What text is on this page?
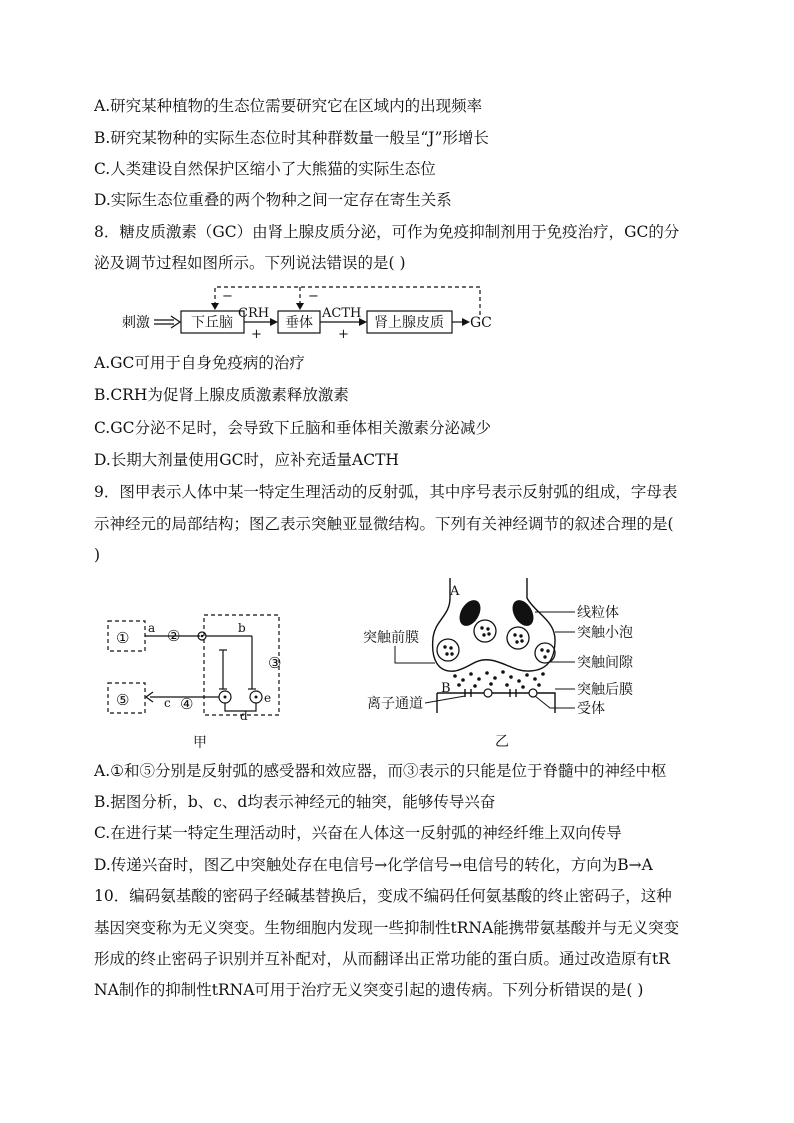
A.研究某种植物的生态位需要研究它在区域内的出现频率
B.研究某物种的实际生态位时其种群数量一般呈“J”形增长
C.人类建设自然保护区缩小了大熊猫的实际生态位
D.实际生态位重叠的两个物种之间一定存在寄生关系
8．糖皮质激素（GC）由肾上腺皮质分泌，可作为免疫抑制剂用于免疫治疗，GC的分
泌及调节过程如图所示。下列说法错误的是( )
−	−
刺激	下丘脑
CRH
+
垂体
ACTH
+
肾上腺皮质 GC
A.GC可用于自身免疫病的治疗
B.CRH为促肾上腺皮质激素释放激素
C.GC分泌不足时，会导致下丘脑和垂体相关激素分泌减少
D.长期大剂量使用GC时，应补充适量ACTH
9．图甲表示人体中某一特定生理活动的反射弧，其中序号表示反射弧的组成，字母表
示神经元的局部结构；图乙表示突触亚显微结构。下列有关神经调节的叙述合理的是(
)
①
⑤
③
a ②	b
d
e
c ④
甲
A
B
突触前膜
线粒体
突触小泡
突触间隙
突触后膜
受体
离子通道
乙
A.①和⑤分别是反射弧的感受器和效应器，而③表示的只能是位于脊髓中的神经中枢
B.据图分析，b、c、d均表示神经元的轴突，能够传导兴奋
C.在进行某一特定生理活动时，兴奋在人体这一反射弧的神经纤维上双向传导
D.传递兴奋时，图乙中突触处存在电信号→化学信号→电信号的转化，方向为B→A
10．编码氨基酸的密码子经碱基替换后，变成不编码任何氨基酸的终止密码子，这种
基因突变称为无义突变。生物细胞内发现一些抑制性tRNA能携带氨基酸并与无义突变
形成的终止密码子识别并互补配对，从而翻译出正常功能的蛋白质。通过改造原有tR
NA制作的抑制性tRNA可用于治疗无义突变引起的遗传病。下列分析错误的是( )
